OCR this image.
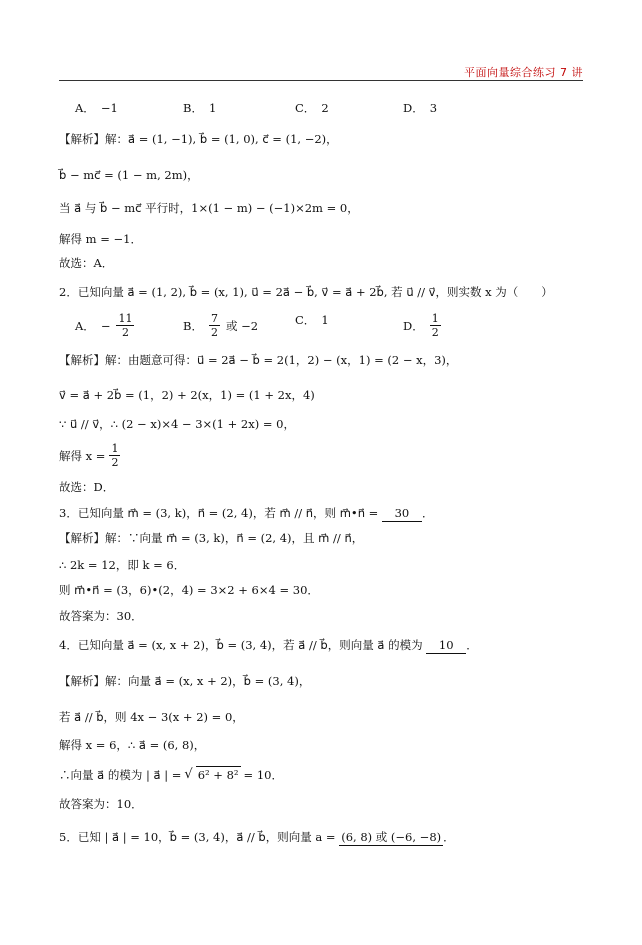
平面向量综合练习 7 讲
A． −1	B． 1	C． 2	D． 3
【解析】解：a⃗ = (1, −1), b⃗ = (1, 0), c⃗ = (1, −2)，
b⃗ − mc⃗ = (1 − m, 2m)，
当 a⃗ 与 b⃗ − mc⃗ 平行时，1×(1 − m) − (−1)×2m = 0，
解得 m = −1．
故选：A．
2．已知向量 a⃗ = (1, 2), b⃗ = (x, 1), u⃗ = 2a⃗ − b⃗, v⃗ = a⃗ + 2b⃗, 若 u⃗ // v⃗，则实数 x 为（　　）
A． − $\frac{11}{2}$	B． $\frac{7}{2}$ 或 −2	C． 1	D． $\frac{1}{2}$
【解析】解：由题意可得：u⃗ = 2a⃗ − b⃗ = 2(1，2) − (x，1) = (2 − x，3)，
v⃗ = a⃗ + 2b⃗ = (1，2) + 2(x，1) = (1 + 2x，4)
∵ u⃗ // v⃗，∴ (2 − x)×4 − 3×(1 + 2x) = 0，
解得 $x = \frac{1}{2}$
故选：D．
3．已知向量 m⃗ = (3, k)，n⃗ = (2, 4)，若 m⃗ // n⃗，则 m⃗•n⃗ = 30 ．
【解析】解：∵向量 m⃗ = (3, k)，n⃗ = (2, 4)，且 m⃗ // n⃗，
∴ 2k = 12，即 k = 6．
则 m⃗•n⃗ = (3，6)•(2，4) = 3×2 + 6×4 = 30．
故答案为：30．
4．已知向量 a⃗ = (x, x + 2)，b⃗ = (3, 4)，若 a⃗ // b⃗，则向量 a⃗ 的模为 10 ．
【解析】解：向量 a⃗ = (x, x + 2)，b⃗ = (3, 4)，
若 a⃗ // b⃗，则 4x − 3(x + 2) = 0，
解得 x = 6，∴ a⃗ = (6, 8)，
∴向量 a⃗ 的模为 | a⃗ | = √ 6² + 8² = 10．
故答案为：10．
5．已知 | a⃗ | = 10，b⃗ = (3, 4)，a⃗ // b⃗，则向量 a = (6, 8) 或 (−6, −8) ．
